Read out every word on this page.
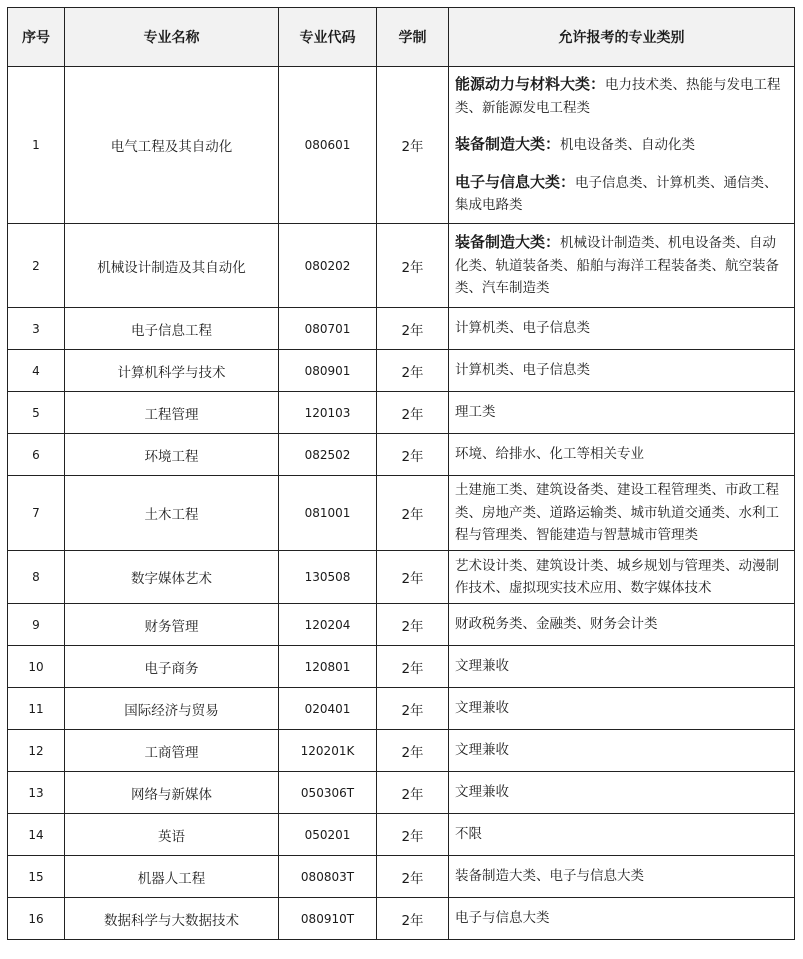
序号	专业名称	专业代码	学制	允许报考的专业类别
1	电气工程及其自动化	080601	2年	能源动力与材料大类：电力技术类、热能与发电工程类、新能源发电工程类

装备制造大类：机电设备类、自动化类

电子与信息大类：电子信息类、计算机类、通信类、集成电路类

2	机械设计制造及其自动化	080202	2年	装备制造大类：机械设计制造类、机电设备类、自动化类、轨道装备类、船舶与海洋工程装备类、航空装备类、汽车制造类

3	电子信息工程	080701	2年	计算机类、电子信息类
4	计算机科学与技术	080901	2年	计算机类、电子信息类
5	工程管理	120103	2年	理工类
6	环境工程	082502	2年	环境、给排水、化工等相关专业
7	土木工程	081001	2年	土建施工类、建筑设备类、建设工程管理类、市政工程类、房地产类、道路运输类、城市轨道交通类、水利工程与管理类、智能建造与智慧城市管理类
8	数字媒体艺术	130508	2年	艺术设计类、建筑设计类、城乡规划与管理类、动漫制作技术、虚拟现实技术应用、数字媒体技术
9	财务管理	120204	2年	财政税务类、金融类、财务会计类
10	电子商务	120801	2年	文理兼收
11	国际经济与贸易	020401	2年	文理兼收
12	工商管理	120201K	2年	文理兼收
13	网络与新媒体	050306T	2年	文理兼收
14	英语	050201	2年	不限
15	机器人工程	080803T	2年	装备制造大类、电子与信息大类
16	数据科学与大数据技术	080910T	2年	电子与信息大类
